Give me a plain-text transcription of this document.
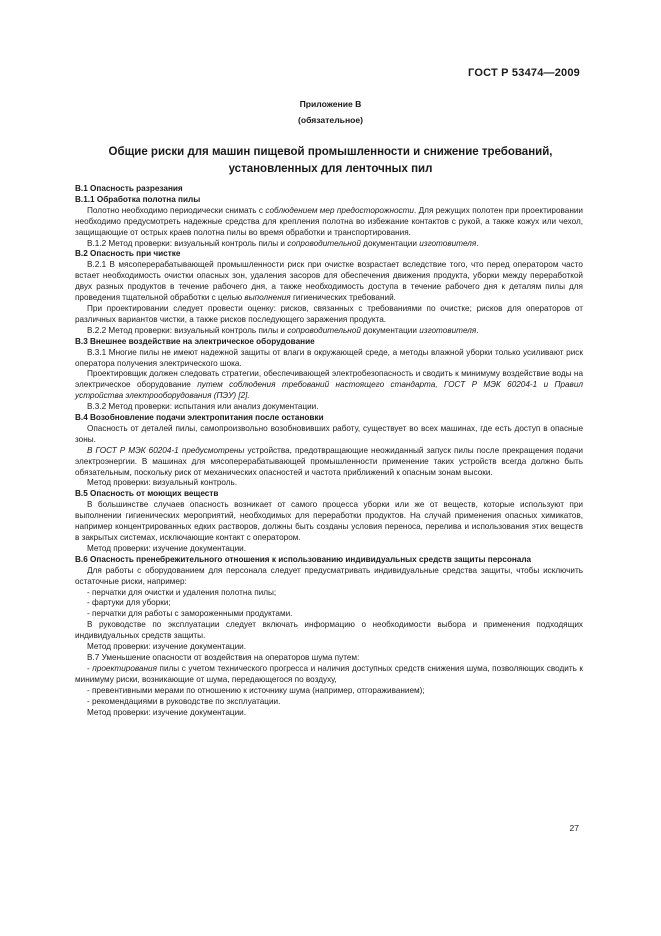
ГОСТ Р 53474—2009
Приложение В
(обязательное)
Общие риски для машин пищевой промышленности и снижение требований,
установленных для ленточных пил

В.1 Опасность разрезания

В.1.1 Обработка полотна пилы

Полотно необходимо периодически снимать с соблюдением мер предосторожности. Для режущих полотен при проектировании необходимо предусмотреть надежные средства для крепления полотна во избежание контактов с рукой, а также кожух или чехол, защищающие от острых краев полотна пилы во время обработки и транспортирования.

В.1.2 Метод проверки: визуальный контроль пилы и сопроводительной документации изготовителя.

В.2 Опасность при чистке

В.2.1 В мясоперерабатывающей промышленности риск при очистке возрастает вследствие того, что перед оператором часто встает необходимость очистки опасных зон, удаления засоров для обеспечения движения продукта, уборки между переработкой двух разных продуктов в течение рабочего дня, а также необходимость доступа в течение рабочего дня к деталям пилы для проведения тщательной обработки с целью выполнения гигиенических требований.

При проектировании следует провести оценку: рисков, связанных с требованиями по очистке; рисков для операторов от различных вариантов чистки, а также рисков последующего заражения продукта.

В.2.2 Метод проверки: визуальный контроль пилы и сопроводительной документации изготовителя.

В.3 Внешнее воздействие на электрическое оборудование

В.3.1 Многие пилы не имеют надежной защиты от влаги в окружающей среде, а методы влажной уборки только усиливают риск оператора получения электрического шока.

Проектировщик должен следовать стратегии, обеспечивающей электробезопасность и сводить к минимуму воздействие воды на электрическое оборудование путем соблюдения требований настоящего стандарта, ГОСТ Р МЭК 60204-1 и Правил устройства электрооборудования (ПЭУ) [2].

В.3.2 Метод проверки: испытания или анализ документации.

В.4 Возобновление подачи электропитания после остановки

Опасность от деталей пилы, самопроизвольно возобновивших работу, существует во всех машинах, где есть доступ в опасные зоны.

В ГОСТ Р МЭК 60204-1 предусмотрены устройства, предотвращающие неожиданный запуск пилы после прекращения подачи электроэнергии. В машинах для мясоперерабатывающей промышленности применение таких устройств всегда должно быть обязательным, поскольку риск от механических опасностей и частота приближений к опасным зонам высоки.

Метод проверки: визуальный контроль.

В.5 Опасность от моющих веществ

В большинстве случаев опасность возникает от самого процесса уборки или же от веществ, которые используют при выполнении гигиенических мероприятий, необходимых для переработки продуктов. На случай применения опасных химикатов, например концентрированных едких растворов, должны быть созданы условия переноса, перелива и использования этих веществ в закрытых системах, исключающие контакт с оператором.

Метод проверки: изучение документации.

В.6 Опасность пренебрежительного отношения к использованию индивидуальных средств защиты персонала

Для работы с оборудованием для персонала следует предусматривать индивидуальные средства защиты, чтобы исключить остаточные риски, например:

- перчатки для очистки и удаления полотна пилы;

- фартуки для уборки;

- перчатки для работы с замороженными продуктами.

В руководстве по эксплуатации следует включать информацию о необходимости выбора и применения подходящих индивидуальных средств защиты.

Метод проверки: изучение документации.

В.7 Уменьшение опасности от воздействия на операторов шума путем:

- проектирования пилы с учетом технического прогресса и наличия доступных средств снижения шума, позволяющих сводить к минимуму риски, возникающие от шума, передающегося по воздуху,

- превентивными мерами по отношению к источнику шума (например, отгораживанием);

- рекомендациями в руководстве по эксплуатации.

Метод проверки: изучение документации.

27
